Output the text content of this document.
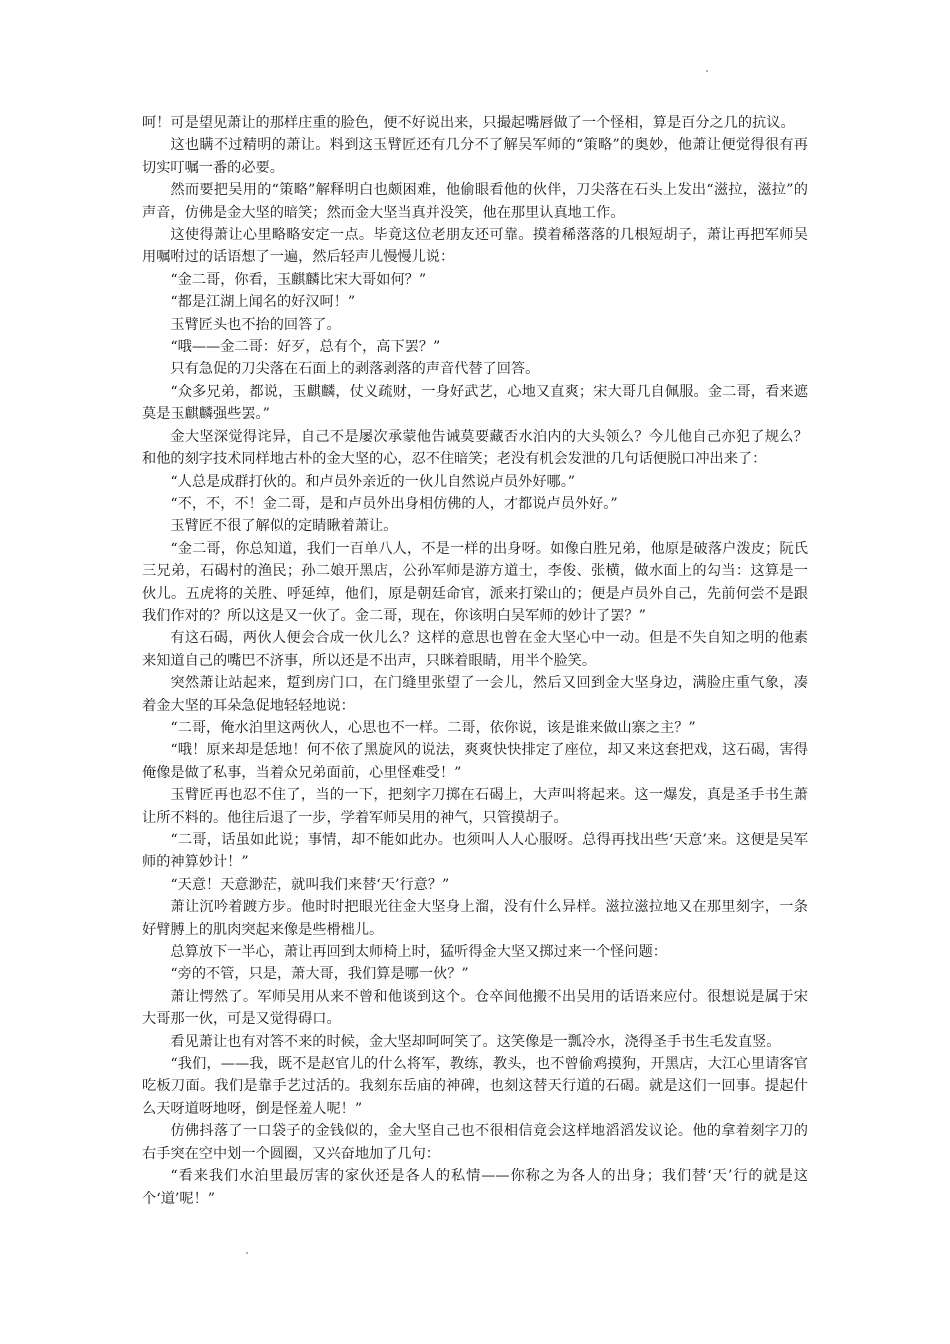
呵！可是望见萧让的那样庄重的脸色，便不好说出来，只撮起嘴唇做了一个怪相，算是百分之几的抗议。

这也瞒不过精明的萧让。料到这玉臂匠还有几分不了解吴军师的“策略”的奥妙，他萧让便觉得很有再切实叮嘱一番的必要。

然而要把吴用的“策略”解释明白也颇困难，他偷眼看他的伙伴，刀尖落在石头上发出“滋拉，滋拉”的声音，仿佛是金大坚的暗笑；然而金大坚当真并没笑，他在那里认真地工作。

这使得萧让心里略略安定一点。毕竟这位老朋友还可靠。摸着稀落落的几根短胡子，萧让再把军师吴用嘱咐过的话语想了一遍，然后轻声儿慢慢儿说：

“金二哥，你看，玉麒麟比宋大哥如何？”

“都是江湖上闻名的好汉呵！”

玉臂匠头也不抬的回答了。

“哦——金二哥：好歹，总有个，高下罢？”

只有急促的刀尖落在石面上的剥落剥落的声音代替了回答。

“众多兄弟，都说，玉麒麟，仗义疏财，一身好武艺，心地又直爽；宋大哥几自佩服。金二哥，看来遮莫是玉麒麟强些罢。”

金大坚深觉得诧异，自己不是屡次承蒙他告诫莫要藏否水泊内的大头领么？今儿他自己亦犯了规么？和他的刻字技术同样地古朴的金大坚的心，忍不住暗笑；老没有机会发泄的几句话便脱口冲出来了：

“人总是成群打伙的。和卢员外亲近的一伙儿自然说卢员外好哪。”

“不，不，不！金二哥，是和卢员外出身相仿佛的人，才都说卢员外好。”

玉臂匠不很了解似的定睛瞅着萧让。

“金二哥，你总知道，我们一百单八人，不是一样的出身呀。如像白胜兄弟，他原是破落户泼皮；阮氏三兄弟，石碣村的渔民；孙二娘开黑店，公孙军师是游方道士，李俊、张横，做水面上的勾当：这算是一伙儿。五虎将的关胜、呼延绰，他们，原是朝廷命官，派来打梁山的；便是卢员外自己，先前何尝不是跟我们作对的？所以这是又一伙了。金二哥，现在，你该明白吴军师的妙计了罢？”

有这石碣，两伙人便会合成一伙儿么？这样的意思也曾在金大坚心中一动。但是不失自知之明的他素来知道自己的嘴巴不济事，所以还是不出声，只眯着眼睛，用半个脸笑。

突然萧让站起来，踅到房门口，在门缝里张望了一会儿，然后又回到金大坚身边，满脸庄重气象，凑着金大坚的耳朵急促地轻轻地说：

“二哥，俺水泊里这两伙人，心思也不一样。二哥，依你说，该是谁来做山寨之主？”

“哦！原来却是恁地！何不依了黑旋风的说法，爽爽快快排定了座位，却又来这套把戏，这石碣，害得俺像是做了私事，当着众兄弟面前，心里怪难受！”

玉臂匠再也忍不住了，当的一下，把刻字刀掷在石碣上，大声叫将起来。这一爆发，真是圣手书生萧让所不料的。他往后退了一步，学着军师吴用的神气，只管摸胡子。

“二哥，话虽如此说；事情，却不能如此办。也须叫人人心服呀。总得再找出些‘天意’来。这便是吴军师的神算妙计！”

“天意！天意渺茫，就叫我们来替‘天’行意？”

萧让沉吟着踱方步。他时时把眼光往金大坚身上溜，没有什么异样。滋拉滋拉地又在那里刻字，一条好臂膊上的肌肉突起来像是些榾柮儿。

总算放下一半心，萧让再回到太师椅上时，猛听得金大坚又掷过来一个怪问题：

“旁的不管，只是，萧大哥，我们算是哪一伙？”

萧让愕然了。军师吴用从来不曾和他谈到这个。仓卒间他搬不出吴用的话语来应付。很想说是属于宋大哥那一伙，可是又觉得碍口。

看见萧让也有对答不来的时候，金大坚却呵呵笑了。这笑像是一瓢冷水，浇得圣手书生毛发直竖。

“我们，——我，既不是赵官儿的什么将军，教练，教头，也不曾偷鸡摸狗，开黑店，大江心里请客官吃板刀面。我们是靠手艺过活的。我刻东岳庙的神碑，也刻这替天行道的石碣。就是这们一回事。提起什么天呀道呀地呀，倒是怪羞人呢！”

仿佛抖落了一口袋子的金钱似的，金大坚自己也不很相信竟会这样地滔滔发议论。他的拿着刻字刀的右手突在空中划一个圆圈，又兴奋地加了几句：

“看来我们水泊里最厉害的家伙还是各人的私情——你称之为各人的出身；我们替‘天’行的就是这个‘道’呢！”
